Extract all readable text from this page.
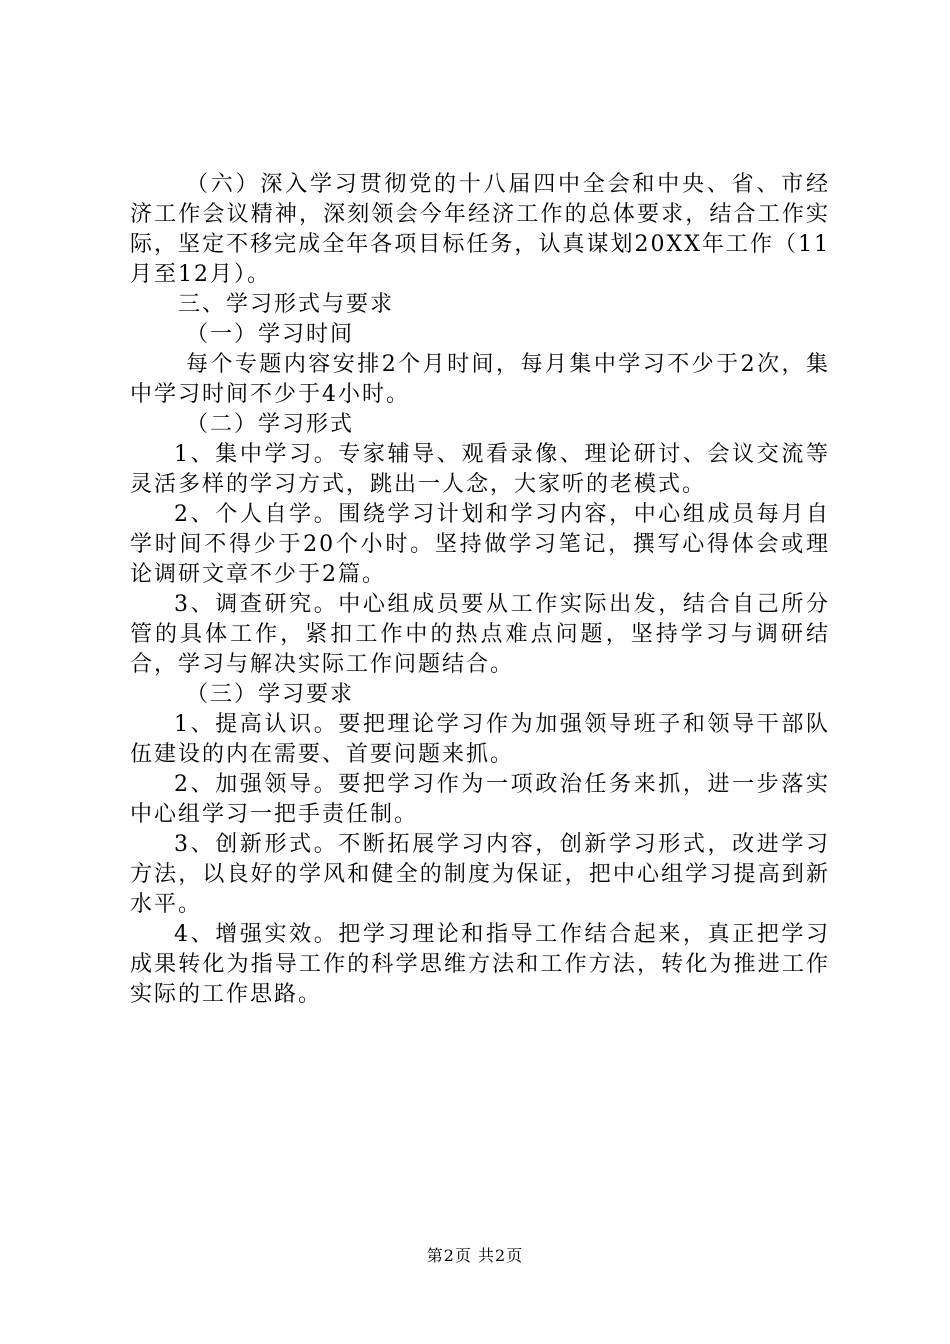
（六）深入学习贯彻党的十八届四中全会和中央、省、市经济工作会议精神，深刻领会今年经济工作的总体要求，结合工作实际，坚定不移完成全年各项目标任务，认真谋划20XX年工作（11月至12月）。

三、学习形式与要求

（一）学习时间

每个专题内容安排2个月时间，每月集中学习不少于2次，集中学习时间不少于4小时。

（二）学习形式

1、集中学习。专家辅导、观看录像、理论研讨、会议交流等灵活多样的学习方式，跳出一人念，大家听的老模式。

2、个人自学。围绕学习计划和学习内容，中心组成员每月自学时间不得少于20个小时。坚持做学习笔记，撰写心得体会或理论调研文章不少于2篇。

3、调查研究。中心组成员要从工作实际出发，结合自己所分管的具体工作，紧扣工作中的热点难点问题，坚持学习与调研结合，学习与解决实际工作问题结合。

（三）学习要求

1、提高认识。要把理论学习作为加强领导班子和领导干部队伍建设的内在需要、首要问题来抓。

2、加强领导。要把学习作为一项政治任务来抓，进一步落实中心组学习一把手责任制。

3、创新形式。不断拓展学习内容，创新学习形式，改进学习方法，以良好的学风和健全的制度为保证，把中心组学习提高到新水平。

4、增强实效。把学习理论和指导工作结合起来，真正把学习成果转化为指导工作的科学思维方法和工作方法，转化为推进工作实际的工作思路。

第2页 共2页
